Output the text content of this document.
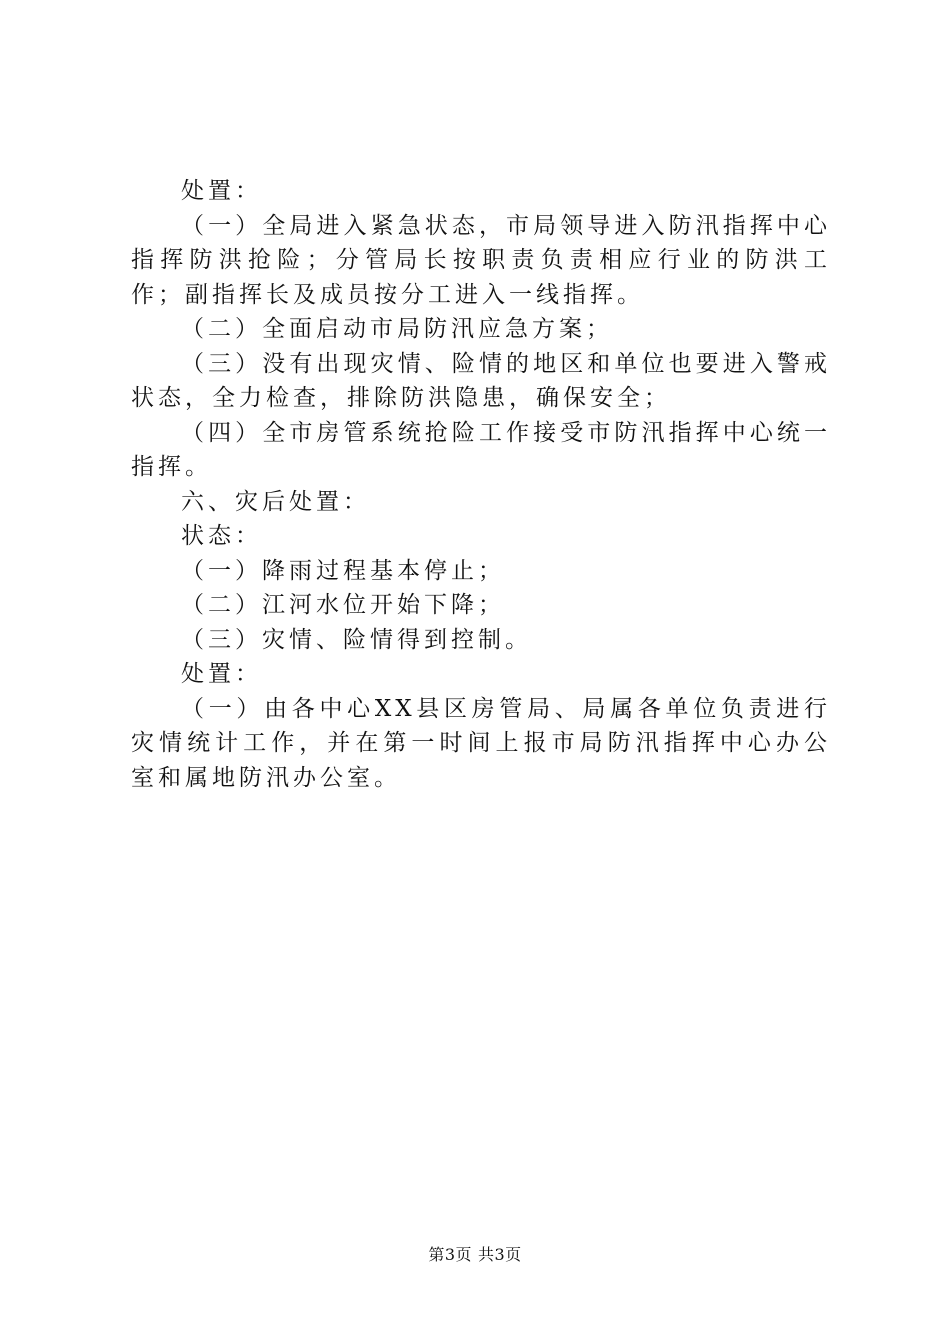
处置：

（一）全局进入紧急状态，市局领导进入防汛指挥中心指挥防洪抢险；分管局长按职责负责相应行业的防洪工作；副指挥长及成员按分工进入一线指挥。

（二）全面启动市局防汛应急方案；

（三）没有出现灾情、险情的地区和单位也要进入警戒状态，全力检查，排除防洪隐患，确保安全；

（四）全市房管系统抢险工作接受市防汛指挥中心统一指挥。

六、灾后处置：

状态：

（一）降雨过程基本停止；

（二）江河水位开始下降；

（三）灾情、险情得到控制。

处置：

（一）由各中心XX县区房管局、局属各单位负责进行灾情统计工作，并在第一时间上报市局防汛指挥中心办公室和属地防汛办公室。

第3页 共3页
